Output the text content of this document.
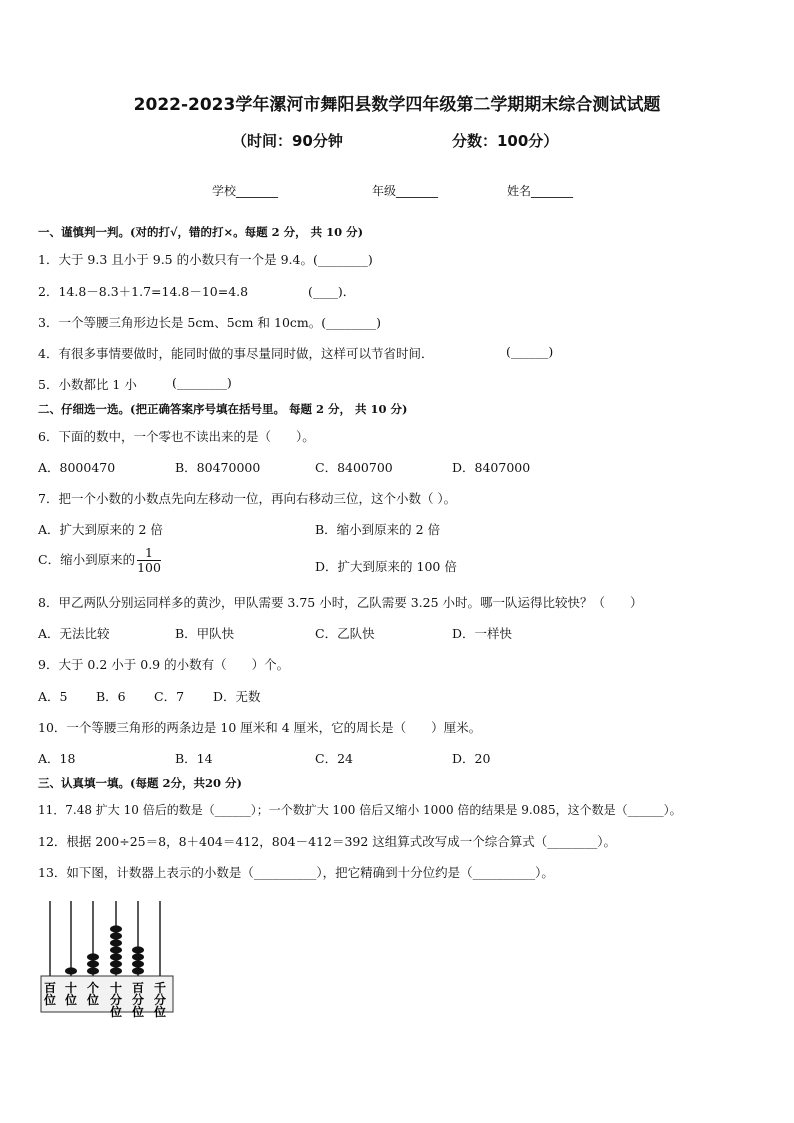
2022-2023学年漯河市舞阳县数学四年级第二学期期末综合测试试题
（时间：90分钟	分数：100分）
学校_______	年级_______	姓名_______
一、谨慎判一判。(对的打√，错的打×。每题 2 分， 共 10 分)
1．大于 9.3 且小于 9.5 的小数只有一个是 9.4。(________)
2．14.8－8.3＋1.7=14.8－10=4.8	(____)．
3．一个等腰三角形边长是 5cm、5cm 和 10cm。(________)
4．有很多事情要做时，能同时做的事尽量同时做，这样可以节省时间．	(______)
5．小数都比 1 小	(________)
二、仔细选一选。(把正确答案序号填在括号里。 每题 2 分， 共 10 分)
6．下面的数中，一个零也不读出来的是（　　）。
A．8000470	B．80470000	C．8400700	D．8407000
7．把一个小数的小数点先向左移动一位，再向右移动三位，这个小数（ ）。
A．扩大到原来的 2 倍	B．缩小到原来的 2 倍
C．缩小到原来的 $\frac{1}{100}$	D．扩大到原来的 100 倍
8．甲乙两队分别运同样多的黄沙，甲队需要 3.75 小时，乙队需要 3.25 小时。哪一队运得比较快？（　　）
A．无法比较	B．甲队快	C．乙队快	D．一样快
9．大于 0.2 小于 0.9 的小数有（　　）个。
A．5 B．6 C．7 D．无数
10．一个等腰三角形的两条边是 10 厘米和 4 厘米，它的周长是（　　）厘米。
A．18	B．14	C．24	D．20
三、认真填一填。(每题 2分，共20 分)
11．7.48 扩大 10 倍后的数是（______）；一个数扩大 100 倍后又缩小 1000 倍的结果是 9.085，这个数是（______）。
12．根据 200÷25＝8，8＋404＝412，804－412＝392 这组算式改写成一个综合算式（________）。
13．如下图，计数器上表示的小数是（__________），把它精确到十分位约是（__________）。
百
位
十
位
个
位
十
分
位
百
分
位
千
分
位
